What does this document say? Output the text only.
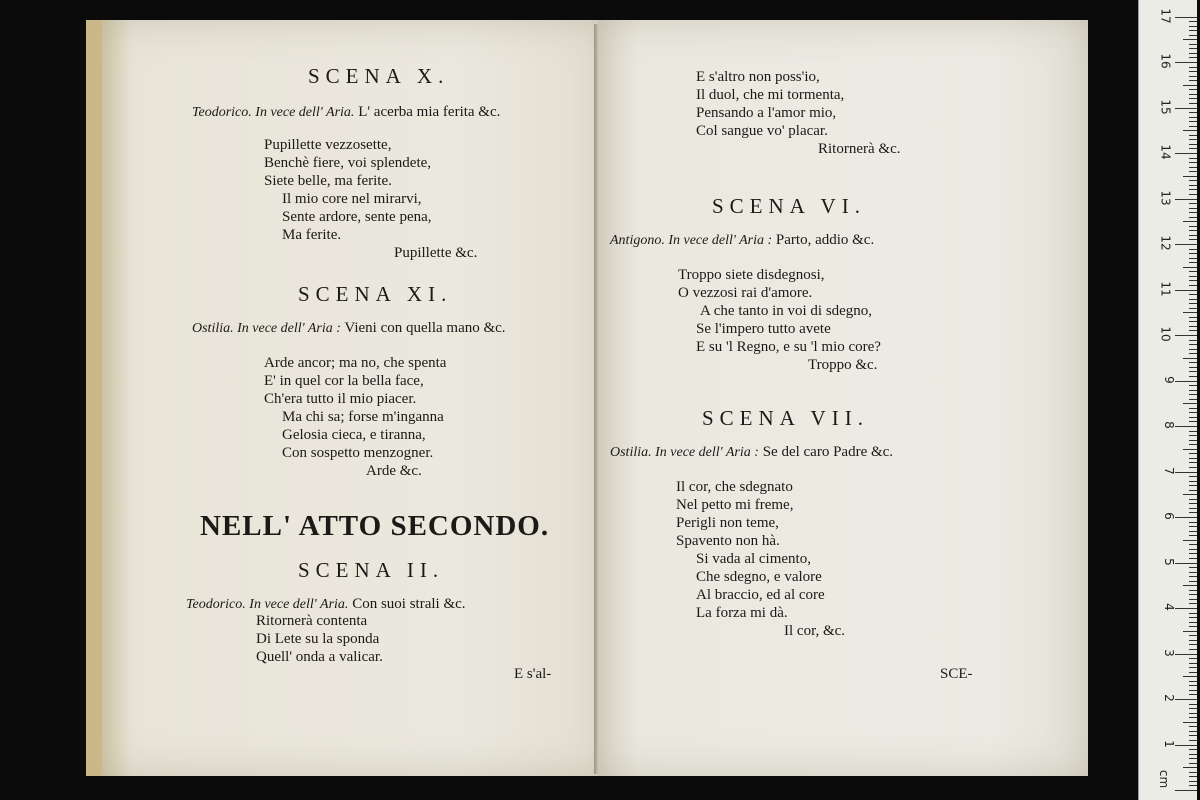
SCENA X.
Teodorico. In vece dell' Aria. L' acerba mia ferita &c.
Pupillette vezzosette,
Benchè fiere, voi splendete,
Siete belle, ma ferite.
Il mio core nel mirarvi,
Sente ardore, sente pena,
Ma ferite.
Pupillette &c.
SCENA XI.
Ostilia. In vece dell' Aria : Vieni con quella mano &c.
Arde ancor; ma no, che spenta
E' in quel cor la bella face,
Ch'era tutto il mio piacer.
Ma chi sa; forse m'inganna
Gelosia cieca, e tiranna,
Con sospetto menzogner.
Arde &c.
NELL' ATTO SECONDO.
SCENA II.
Teodorico. In vece dell' Aria. Con suoi strali &c.
Ritornerà contenta
Di Lete su la sponda
Quell' onda a valicar.
E s'al-
E s'altro non poss'io,
Il duol, che mi tormenta,
Pensando a l'amor mio,
Col sangue vo' placar.
Ritornerà &c.
SCENA VI.
Antigono. In vece dell' Aria : Parto, addio &c.
Troppo siete disdegnosi,
O vezzosi rai d'amore.
A che tanto in voi di sdegno,
Se l'impero tutto avete
E su 'l Regno, e su 'l mio core?
Troppo &c.
SCENA VII.
Ostilia. In vece dell' Aria : Se del caro Padre &c.
Il cor, che sdegnato
Nel petto mi freme,
Perigli non teme,
Spavento non hà.
Si vada al cimento,
Che sdegno, e valore
Al braccio, ed al core
La forza mi dà.
Il cor, &c.
SCE-
1
2
3
4
5
6
7
8
9
10
11
12
13
14
15
16
17
cm
